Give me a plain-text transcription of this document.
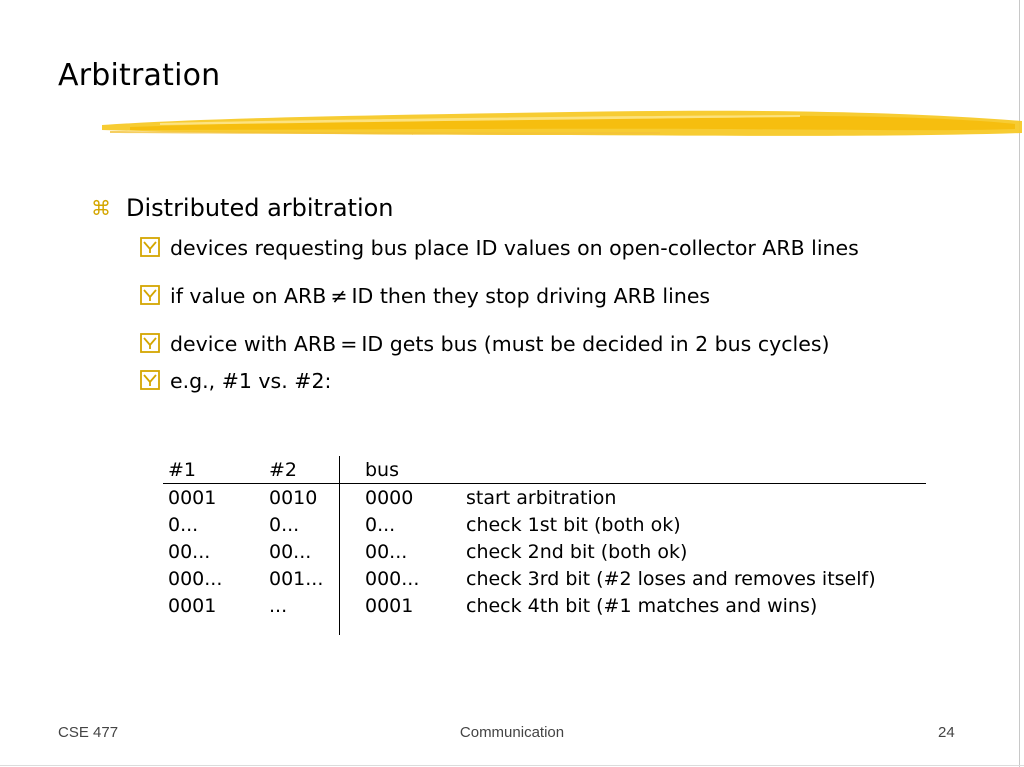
Arbitration
⌘ Distributed arbitration
devices requesting bus place ID values on open-collector ARB lines
if value on ARB ≠ ID then they stop driving ARB lines
device with ARB = ID gets bus (must be decided in 2 bus cycles)
e.g., #1 vs. #2:
#1	#2	bus	
0001	0010	0000	start arbitration
0...	0...	0...	check 1st bit (both ok)
00...	00...	00...	check 2nd bit (both ok)
000...	001...	000...	check 3rd bit (#2 loses and removes itself)
0001	...	0001	check 4th bit (#1 matches and wins)
CSE 477	Communication	24
